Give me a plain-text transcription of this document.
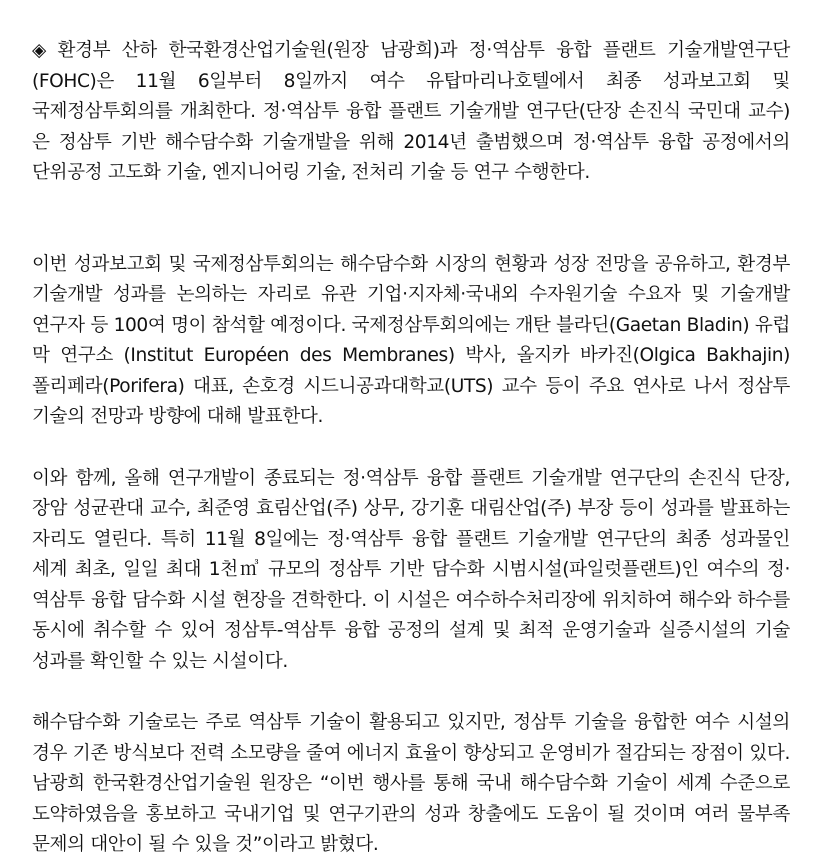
◈ 환경부 산하 한국환경산업기술원(원장 남광희)과 정·역삼투 융합 플랜트 기술개발연구단(FOHC)은 11월 6일부터 8일까지 여수 유탑마리나호텔에서 최종 성과보고회 및 국제정삼투회의를 개최한다. 정·역삼투 융합 플랜트 기술개발 연구단(단장 손진식 국민대 교수)은 정삼투 기반 해수담수화 기술개발을 위해 2014년 출범했으며 정·역삼투 융합 공정에서의 단위공정 고도화 기술, 엔지니어링 기술, 전처리 기술 등 연구 수행한다.

이번 성과보고회 및 국제정삼투회의는 해수담수화 시장의 현황과 성장 전망을 공유하고, 환경부 기술개발 성과를 논의하는 자리로 유관 기업·지자체·국내외 수자원기술 수요자 및 기술개발 연구자 등 100여 명이 참석할 예정이다. 국제정삼투회의에는 개탄 블라딘(Gaetan Bladin) 유럽 막 연구소 (Institut Européen des Membranes) 박사, 올지카 바카진(Olgica Bakhajin) 폴리페라(Porifera) 대표, 손호경 시드니공과대학교(UTS) 교수 등이 주요 연사로 나서 정삼투 기술의 전망과 방향에 대해 발표한다.

이와 함께, 올해 연구개발이 종료되는 정·역삼투 융합 플랜트 기술개발 연구단의 손진식 단장, 장암 성균관대 교수, 최준영 효림산업(주) 상무, 강기훈 대림산업(주) 부장 등이 성과를 발표하는 자리도 열린다. 특히 11월 8일에는 정·역삼투 융합 플랜트 기술개발 연구단의 최종 성과물인 세계 최초, 일일 최대 1천㎥ 규모의 정삼투 기반 담수화 시범시설(파일럿플랜트)인 여수의 정·역삼투 융합 담수화 시설 현장을 견학한다. 이 시설은 여수하수처리장에 위치하여 해수와 하수를 동시에 취수할 수 있어 정삼투-역삼투 융합 공정의 설계 및 최적 운영기술과 실증시설의 기술 성과를 확인할 수 있는 시설이다.

해수담수화 기술로는 주로 역삼투 기술이 활용되고 있지만, 정삼투 기술을 융합한 여수 시설의 경우 기존 방식보다 전력 소모량을 줄여 에너지 효율이 향상되고 운영비가 절감되는 장점이 있다. 남광희 한국환경산업기술원 원장은 “이번 행사를 통해 국내 해수담수화 기술이 세계 수준으로 도약하였음을 홍보하고 국내기업 및 연구기관의 성과 창출에도 도움이 될 것이며 여러 물부족 문제의 대안이 될 수 있을 것”이라고 밝혔다.
